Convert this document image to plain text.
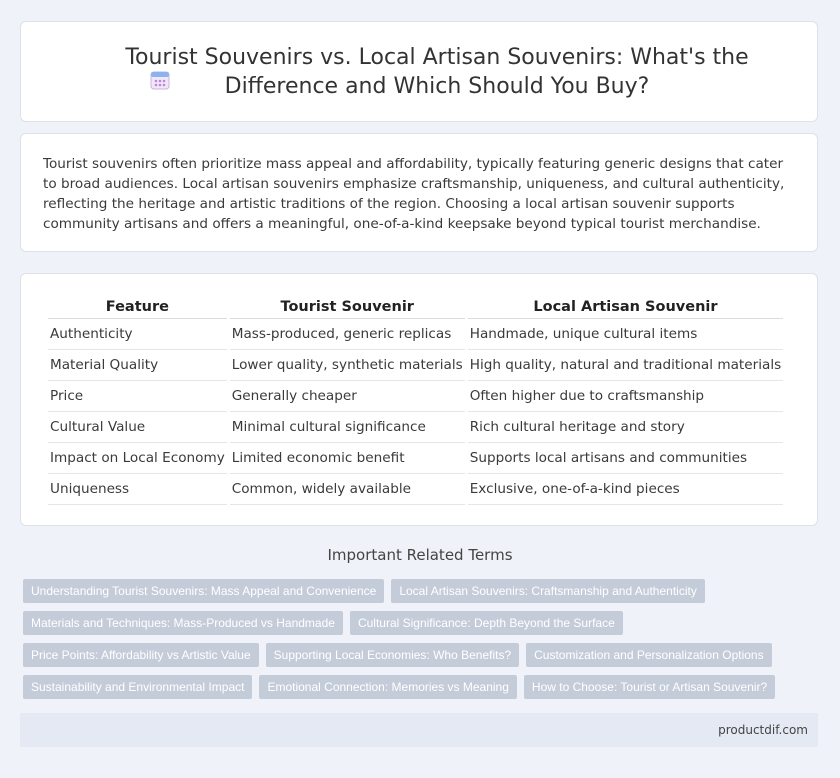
Tourist Souvenirs vs. Local Artisan Souvenirs: What's the Difference and Which Should You Buy?

Tourist souvenirs often prioritize mass appeal and affordability, typically featuring generic designs that cater to broad audiences. Local artisan souvenirs emphasize craftsmanship, uniqueness, and cultural authenticity, reflecting the heritage and artistic traditions of the region. Choosing a local artisan souvenir supports community artisans and offers a meaningful, one-of-a-kind keepsake beyond typical tourist merchandise.

Feature	Tourist Souvenir	Local Artisan Souvenir
Authenticity	Mass-produced, generic replicas	Handmade, unique cultural items
Material Quality	Lower quality, synthetic materials	High quality, natural and traditional materials
Price	Generally cheaper	Often higher due to craftsmanship
Cultural Value	Minimal cultural significance	Rich cultural heritage and story
Impact on Local Economy	Limited economic benefit	Supports local artisans and communities
Uniqueness	Common, widely available	Exclusive, one-of-a-kind pieces
Important Related Terms
Understanding Tourist Souvenirs: Mass Appeal and Convenience	Local Artisan Souvenirs: Craftsmanship and Authenticity
Materials and Techniques: Mass-Produced vs Handmade	Cultural Significance: Depth Beyond the Surface
Price Points: Affordability vs Artistic Value	Supporting Local Economies: Who Benefits?	Customization and Personalization Options
Sustainability and Environmental Impact	Emotional Connection: Memories vs Meaning	How to Choose: Tourist or Artisan Souvenir?
productdif.com
